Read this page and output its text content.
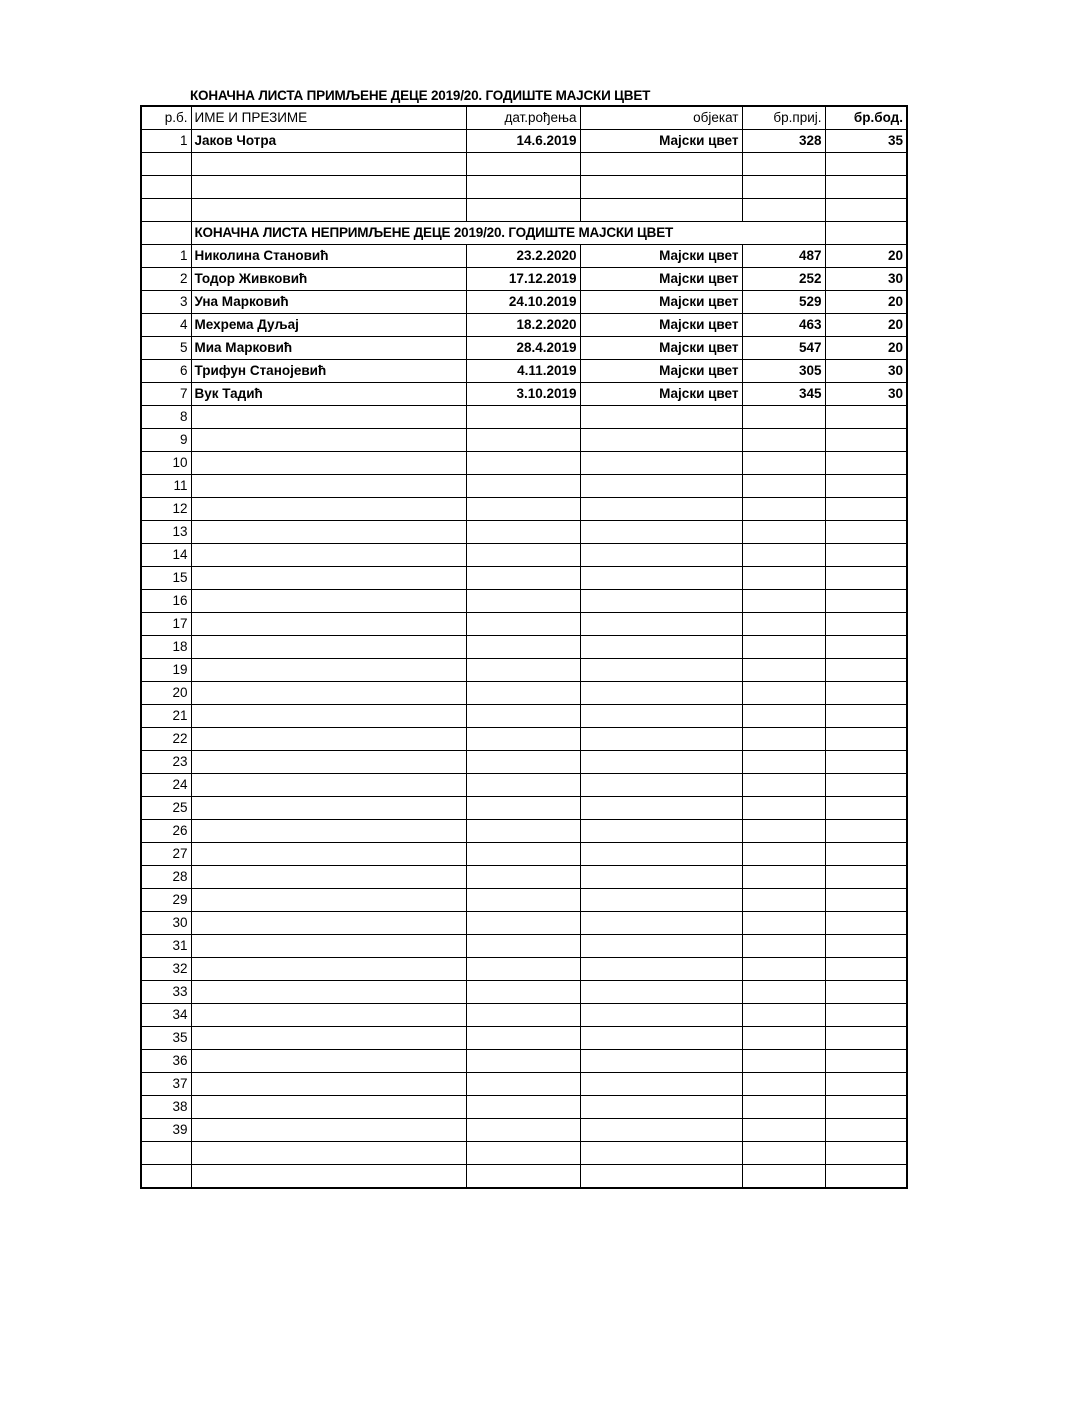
КОНАЧНА ЛИСТА ПРИМЉЕНЕ ДЕЦЕ 2019/20. ГОДИШТЕ МАЈСКИ ЦВЕТ
р.б.	ИМЕ И ПРЕЗИМЕ	дат.рођења	објекат	бр.приј.	бр.бод.
1	Јаков Чотра	14.6.2019	Мајски цвет	328	35

	КОНАЧНА ЛИСТА НЕПРИМЉЕНЕ ДЕЦЕ 2019/20. ГОДИШТЕ МАЈСКИ ЦВЕТ				
1	Николина Становић	23.2.2020	Мајски цвет	487	20
2	Тодор Живковић	17.12.2019	Мајски цвет	252	30
3	Уна Марковић	24.10.2019	Мајски цвет	529	20
4	Мехрема Дуљај	18.2.2020	Мајски цвет	463	20
5	Миа Марковић	28.4.2019	Мајски цвет	547	20
6	Трифун Станојевић	4.11.2019	Мајски цвет	305	30
7	Вук Тадић	3.10.2019	Мајски цвет	345	30
8					
9					
10					
11					
12					
13					
14					
15					
16					
17					
18					
19					
20					
21					
22					
23					
24					
25					
26					
27					
28					
29					
30					
31					
32					
33					
34					
35					
36					
37					
38					
39					
